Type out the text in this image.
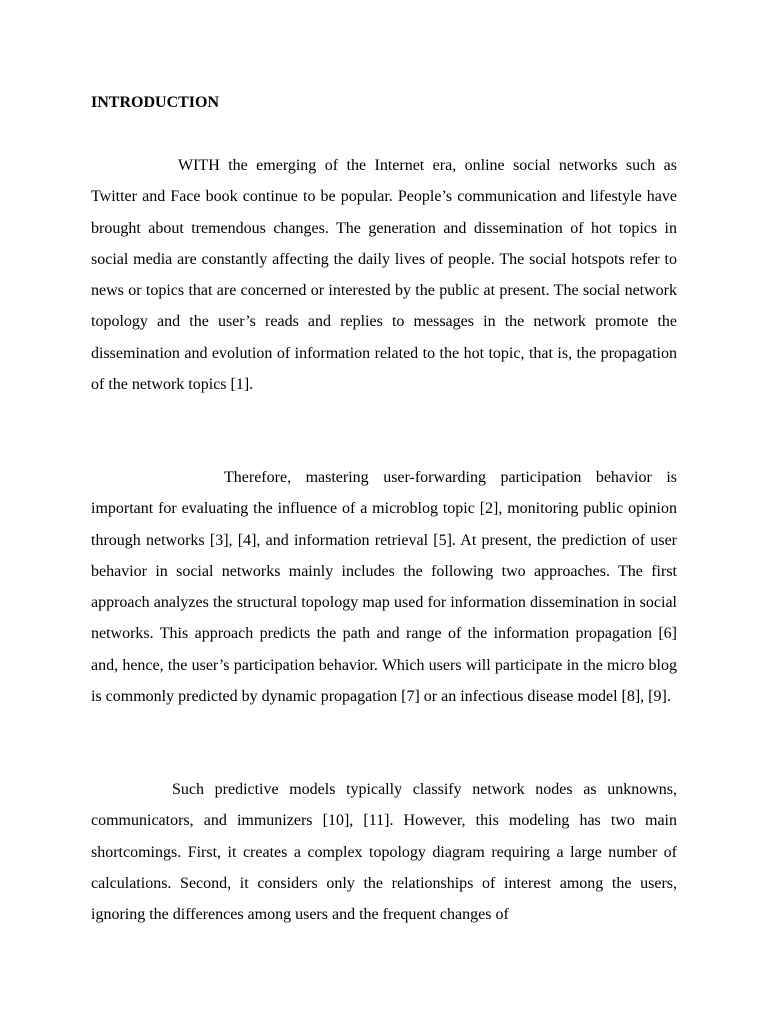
INTRODUCTION

WITH the emerging of the Internet era, online social networks such as Twitter and Face book continue to be popular. People’s communication and lifestyle have brought about tremendous changes. The generation and dissemination of hot topics in social media are constantly affecting the daily lives of people. The social hotspots refer to news or topics that are concerned or interested by the public at present. The social network topology and the user’s reads and replies to messages in the network promote the dissemination and evolution of information related to the hot topic, that is, the propagation of the network topics [1].

Therefore, mastering user-forwarding participation behavior is important for evaluating the influence of a microblog topic [2], monitoring public opinion through networks [3], [4], and information retrieval [5]. At present, the prediction of user behavior in social networks mainly includes the following two approaches. The first approach analyzes the structural topology map used for information dissemination in social networks. This approach predicts the path and range of the information propagation [6] and, hence, the user’s participation behavior. Which users will participate in the micro blog is commonly predicted by dynamic propagation [7] or an infectious disease model [8], [9].

Such predictive models typically classify network nodes as unknowns, communicators, and immunizers [10], [11]. However, this modeling has two main shortcomings. First, it creates a complex topology diagram requiring a large number of calculations. Second, it considers only the relationships of interest among the users, ignoring the differences among users and the frequent changes of
